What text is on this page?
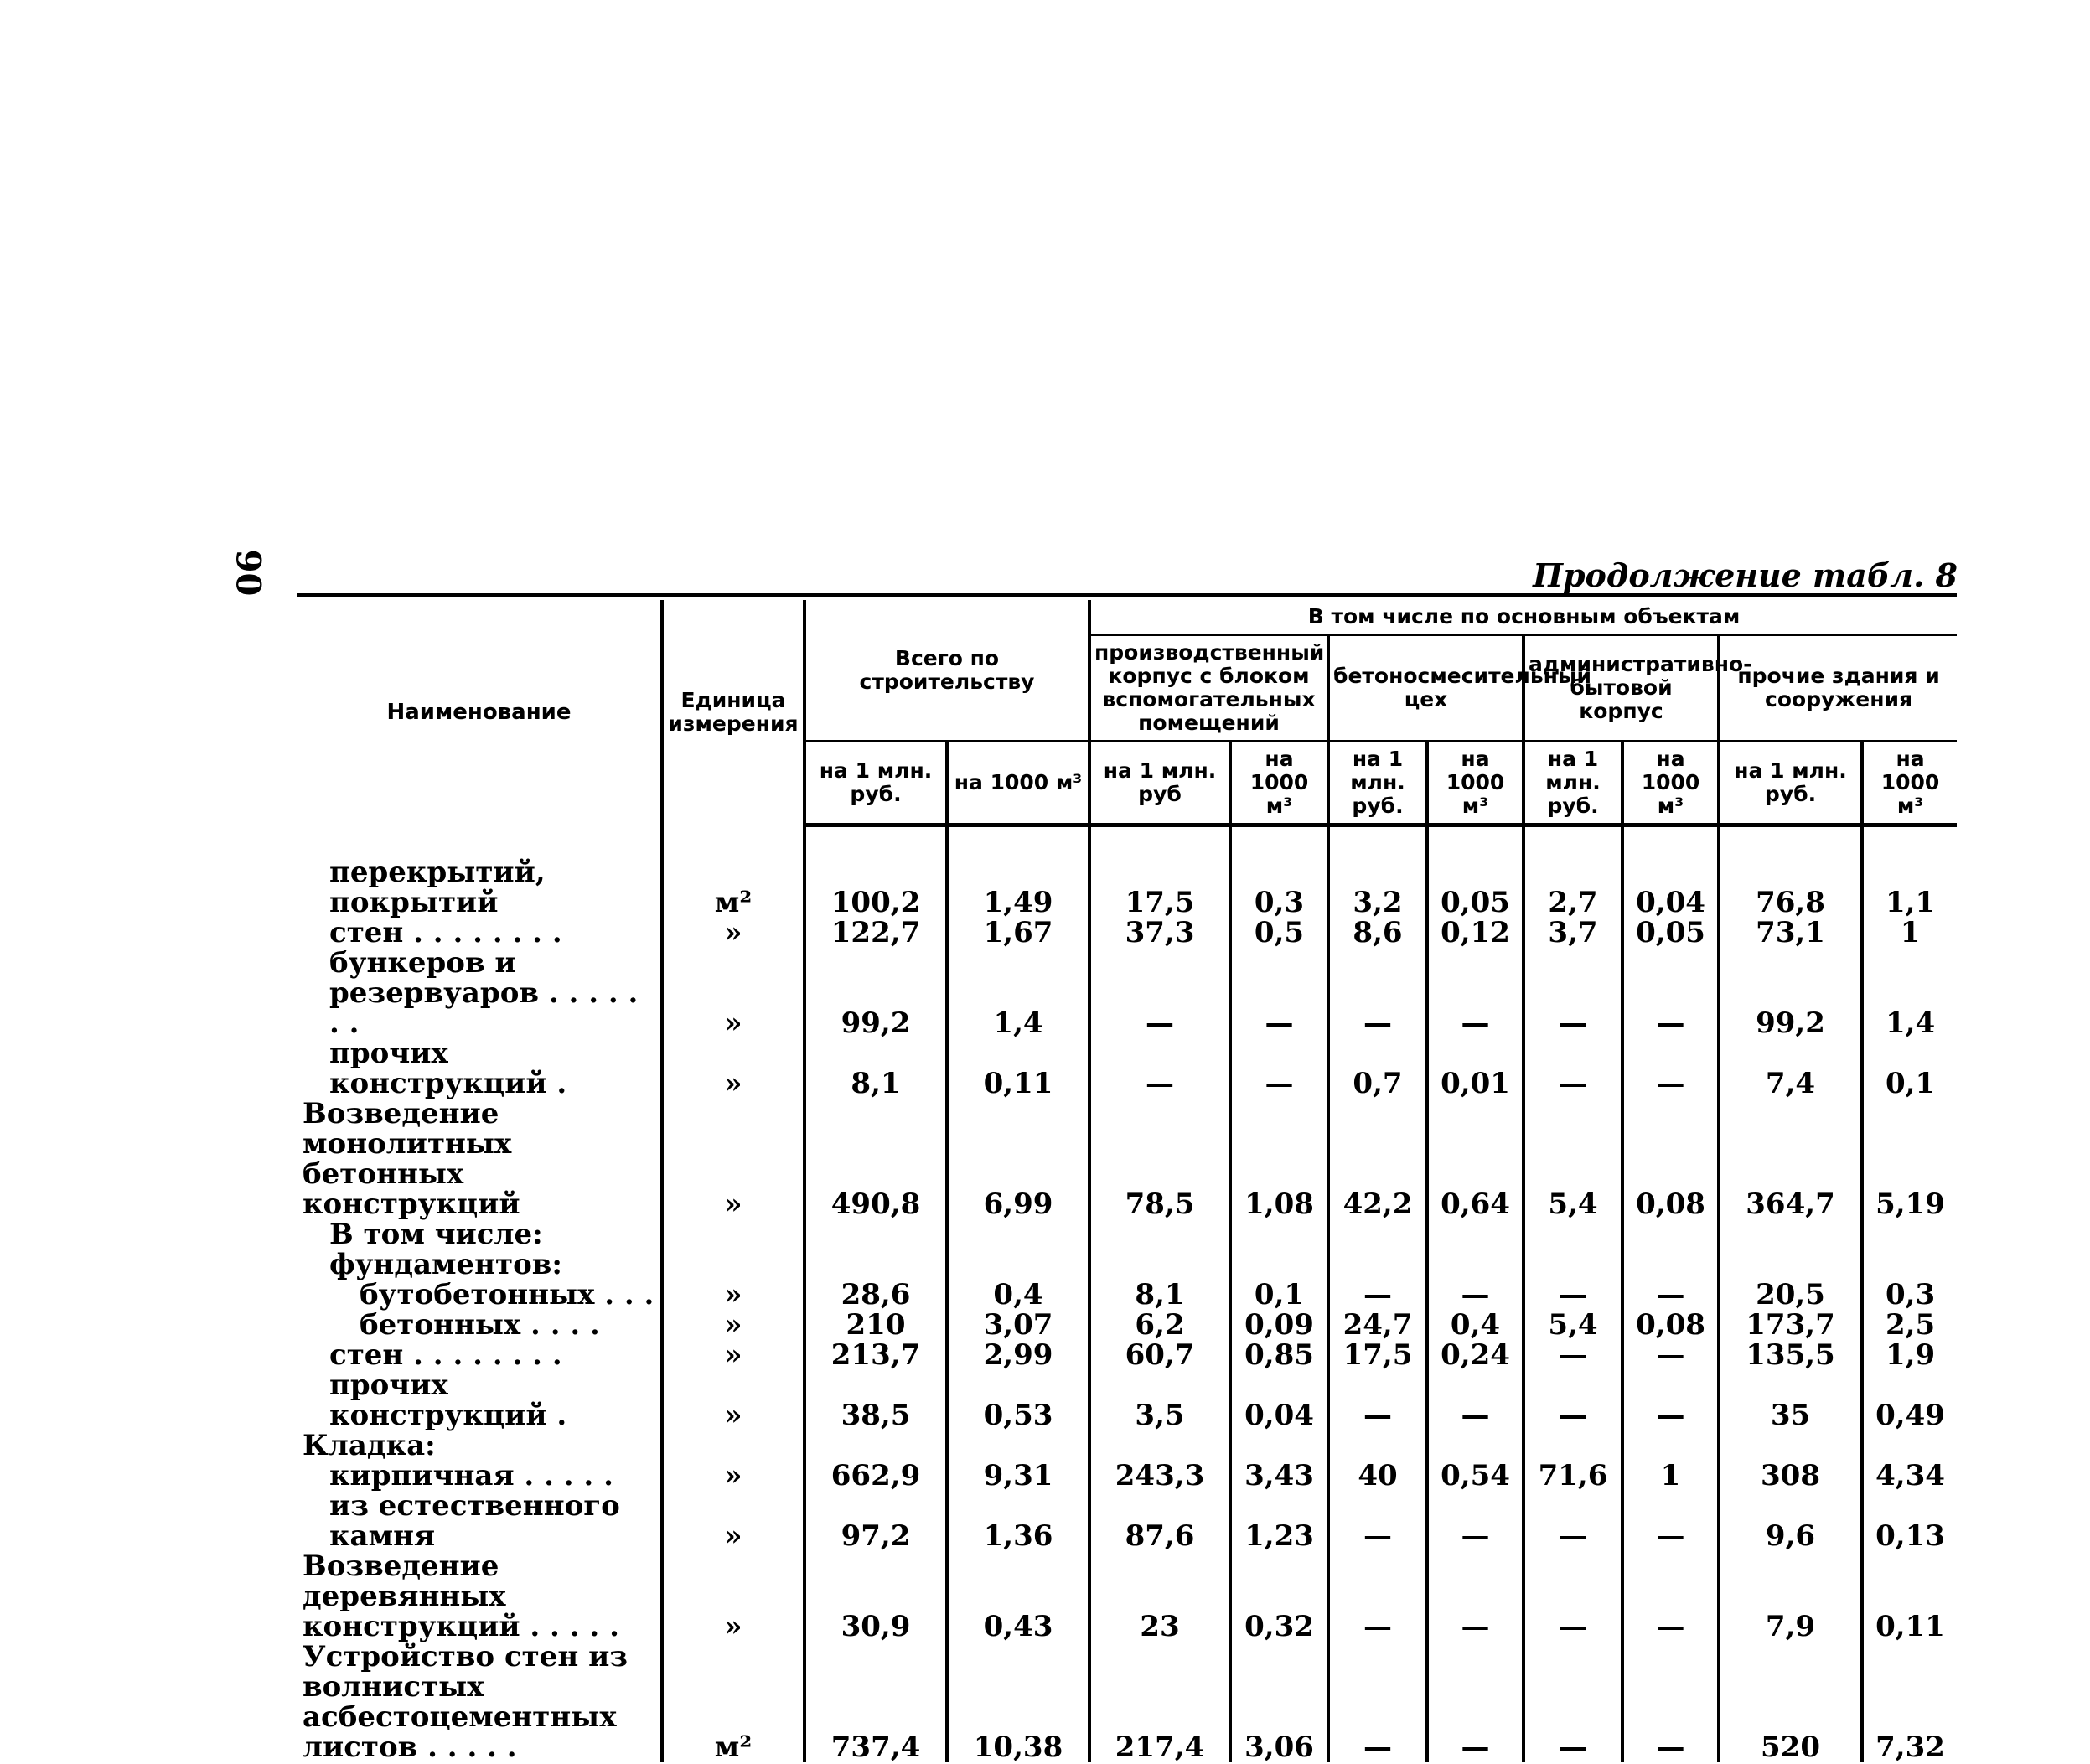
90	Продолжение табл. 8
Наименование	Единица измерения	Всего по строительству		В том числе по основным объектам							
				производственный корпус с блоком вспомогательных помещений		бетоносмесительный цех		административно-бытовой корпус		прочие здания и сооружения	
		на 1 млн. руб.	на 1000 м³	на 1 млн. руб	на 1000 м³	на 1 млн. руб.	на 1000 м³	на 1 млн. руб.	на 1000 м³	на 1 млн. руб.	на 1000 м³
перекрытий, покрытий	м²	100,2	1,49	17,5	0,3	3,2	0,05	2,7	0,04	76,8	1,1
стен . . . . . . . .	»	122,7	1,67	37,3	0,5	8,6	0,12	3,7	0,05	73,1	1
бункеров и резервуаров . . . . . . .	»	99,2	1,4	—	—	—	—	—	—	99,2	1,4
прочих конструкций .	»	8,1	0,11	—	—	0,7	0,01	—	—	7,4	0,1
Возведение монолитных бетонных конструкций	»	490,8	6,99	78,5	1,08	42,2	0,64	5,4	0,08	364,7	5,19
В том числе:											
фундаментов:											
бутобетонных . . .	»	28,6	0,4	8,1	0,1	—	—	—	—	20,5	0,3
бетонных . . . .	»	210	3,07	6,2	0,09	24,7	0,4	5,4	0,08	173,7	2,5
стен . . . . . . . .	»	213,7	2,99	60,7	0,85	17,5	0,24	—	—	135,5	1,9
прочих конструкций .	»	38,5	0,53	3,5	0,04	—	—	—	—	35	0,49
Кладка:											
кирпичная . . . . .	»	662,9	9,31	243,3	3,43	40	0,54	71,6	1	308	4,34
из естественного камня	»	97,2	1,36	87,6	1,23	—	—	—	—	9,6	0,13
Возведение деревянных конструкций . . . . .	»	30,9	0,43	23	0,32	—	—	—	—	7,9	0,11
Устройство стен из волнистых асбестоцементных листов . . . . .	м²	737,4	10,38	217,4	3,06	—	—	—	—	520	7,32
